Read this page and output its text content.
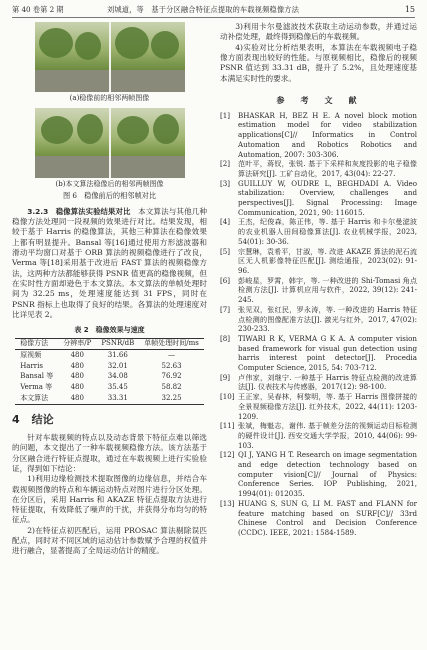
第 40 卷第 2 期	刘城道，等　基于分区融合特征点提取的车载视频稳像方法	15
(a)稳像前的相邻两帧图像
(b)本文算法稳像后的相邻两帧图像
图 6　稳像前后的相邻帧对比

3.2.3　稳像算法实验结果对比　 本文算法与其他几种稳像方法处理同一段视频的效果进行对比。结果发现，相较于基于 Harris 的稳像算法，其他三种算法在稳像效果上都有明显提升。Bansal 等[16]通过使用方形滤波器和滑动平均窗口对基于 ORB 算法的视频稳像进行了改良，Verma 等[18]采用基于改进后 FAST 算法的视频稳像方法，这两种方法都能够获得 PSNR 值更高的稳像视频，但在实时性方面却逊色于本文算法。本文算法的单帧处理时间为 32.25 ms，处理速度能达到 31 FPS，同时在 PSNR 指标上也取得了良好的结果。各算法的处理速度对比详见表 2。

表 2　稳像效果与速度
稳像方法	分辨率/P	PSNR/dB	单帧处理时间/ms
原视频	480	31.66	—
Harris	480	32.01	52.63
Bansal 等	480	34.08	76.92
Verma 等	480	35.45	58.82
本文算法	480	33.31	32.25
4 结论

针对车载视频的特点以及动态背景下特征点难以筛选的问题，本文提出了一种车载视频稳像方法。该方法基于分区融合进行特征点提取，通过在车载视频上进行实验验证，得到如下结论：

1)利用边缘检测技术提取图像的边缘信息，并结合车载视频图像的特点和车辆运动特点对图片进行分区处理。在分区后，采用 Harris 和 AKAZE 特征点提取方法进行特征提取，有效降低了噪声的干扰，并获得分布均匀的特征点。

2)在特征点初匹配后，运用 PROSAC 算法剔除误匹配点，同时对不同区域的运动估计参数赋予合理的权值并进行融合，显著提高了全局运动估计的精度。

3)利用卡尔曼滤波技术获取主动运动参数，并通过运动补偿处理，最终得到稳像后的车载视频。

4)实验对比分析结果表明，本算法在车载视频电子稳像方面表现出较好的性能。与原视频相比，稳像后的视频 PSNR 值达到 33.31 dB，提升了 5.2%，且处理速度基本满足实时性的要求。

参　考　文　献
[1]	BHASKAR H, BEZ H E. A novel block motion estimation model for video stabilization applications[C]// Informatics in Control Automation and Robotics Robotics and Automation, 2007: 303-306.
[2]	范叶平，蒋钗，张锐. 基于下采样和灰度投影的电子稳像算法研究[J]. 工矿自动化，2017, 43(04): 22-27.
[3]	GUILLUY W, OUDRE L, BEGHDADI A. Video stabilization: Overview, challenges and perspectives[J]. Signal Processing: Image Communication, 2021, 90: 116015.
[4]	王杰，纪俊森，陈正伟，等. 基于 Harris 和卡尔曼滤波的农业机器人田间稳像算法[J]. 农业机械学报，2023, 54(01): 30-36.
[5]	宗慧琳，袁希平，甘淑，等. 改进 AKAZE 算法的泥石流区无人机影像特征匹配[J]. 测绘通报，2023(02): 91-96.
[6]	彭峻星，罗霄，韩宇，等. 一种改进的 Shi-Tomasi 角点检测方法[J]. 计算机应用与软件，2022, 39(12): 241-245.
[7]	张见双，张红民，罗永涛，等. 一种改进的 Harris 特征点检测的图像配准方法[J]. 激光与红外，2017, 47(02): 230-233.
[8]	TIWARI R K, VERMA G K A. A computer vision based framework for visual gun detection using harris interest point detector[J]. Procedia Computer Science, 2015, 54: 703-712.
[9]	卢伟家，刘继宁. 一种基于 Harris 特征点检测的改进算法[J]. 仪表技术与传感器，2017(12): 98-100.
[10] 王正家，吴春林，柯黎明，等. 基于 Harris 图像拼接的全景视频稳像方法[J]. 红外技术，2022, 44(11): 1203-1209.
[11] 张斌，梅魁志，谢伟. 基于帧差分法的视频运动目标检测的硬件设计[J]. 西安交通大学学报，2010, 44(06): 99-103.
[12] QI J, YANG H T. Research on image segmentation and edge detection technology based on computer vision[C]// Journal of Physics: Conference Series. IOP Publishing, 2021, 1994(01): 012035.
[13] HUANG S, SUN G, LI M. FAST and FLANN for feature matching based on SURF[C]// 33rd Chinese Control and Decision Conference (CCDC). IEEE, 2021: 1584-1589.
